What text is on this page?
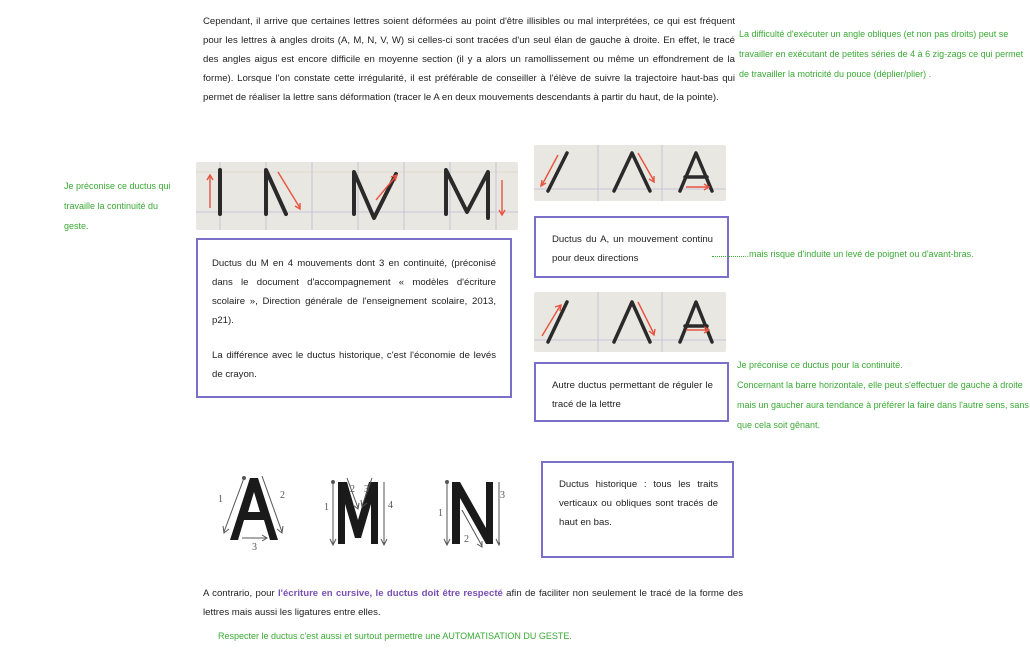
Cependant, il arrive que certaines lettres soient déformées au point d'être illisibles ou mal interprétées, ce qui est fréquent pour les lettres à angles droits (A, M, N, V, W) si celles-ci sont tracées d'un seul élan de gauche à droite. En effet, le tracé des angles aigus est encore difficile en moyenne section (il y a alors un ramollissement ou même un effondrement de la forme). Lorsque l'on constate cette irrégularité, il est préférable de conseiller à l'élève de suivre la trajectoire haut-bas qui permet de réaliser la lettre sans déformation (tracer le A en deux mouvements descendants à partir du haut, de la pointe).
La difficulté d'exécuter un angle obliques (et non pas droits) peut se travailler en exécutant de petites séries de 4 à 6 zig-zags ce qui permet de travailler la motricité du pouce (déplier/plier) .
Je préconise ce ductus qui travaille la continuité du geste.

Ductus du M en 4 mouvements dont 3 en continuité, (préconisé dans le document d'accompagnement « modèles d'écriture scolaire », Direction générale de l'enseignement scolaire, 2013, p21).

La différence avec le ductus historique, c'est l'économie de levés de crayon.

Ductus du A, un mouvement continu pour deux directions	..mais risque d'induite un levé de poignet ou d'avant-bras.

Autre ductus permettant de réguler le tracé de la lettre

Je préconise ce ductus pour la continuité.
Concernant la barre horizontale, elle peut s'effectuer de gauche à droite mais un gaucher aura tendance à préférer la faire dans l'autre sens, sans que cela soit gênant.
1	2
3
1
2 3
4
1
2
3

Ductus historique : tous les traits verticaux ou obliques sont tracés de haut en bas.

A contrario, pour l'écriture en cursive, le ductus doit être respecté afin de faciliter non seulement le tracé de la forme des lettres mais aussi les ligatures entre elles.
Respecter le ductus c'est aussi et surtout permettre une AUTOMATISATION DU GESTE.
